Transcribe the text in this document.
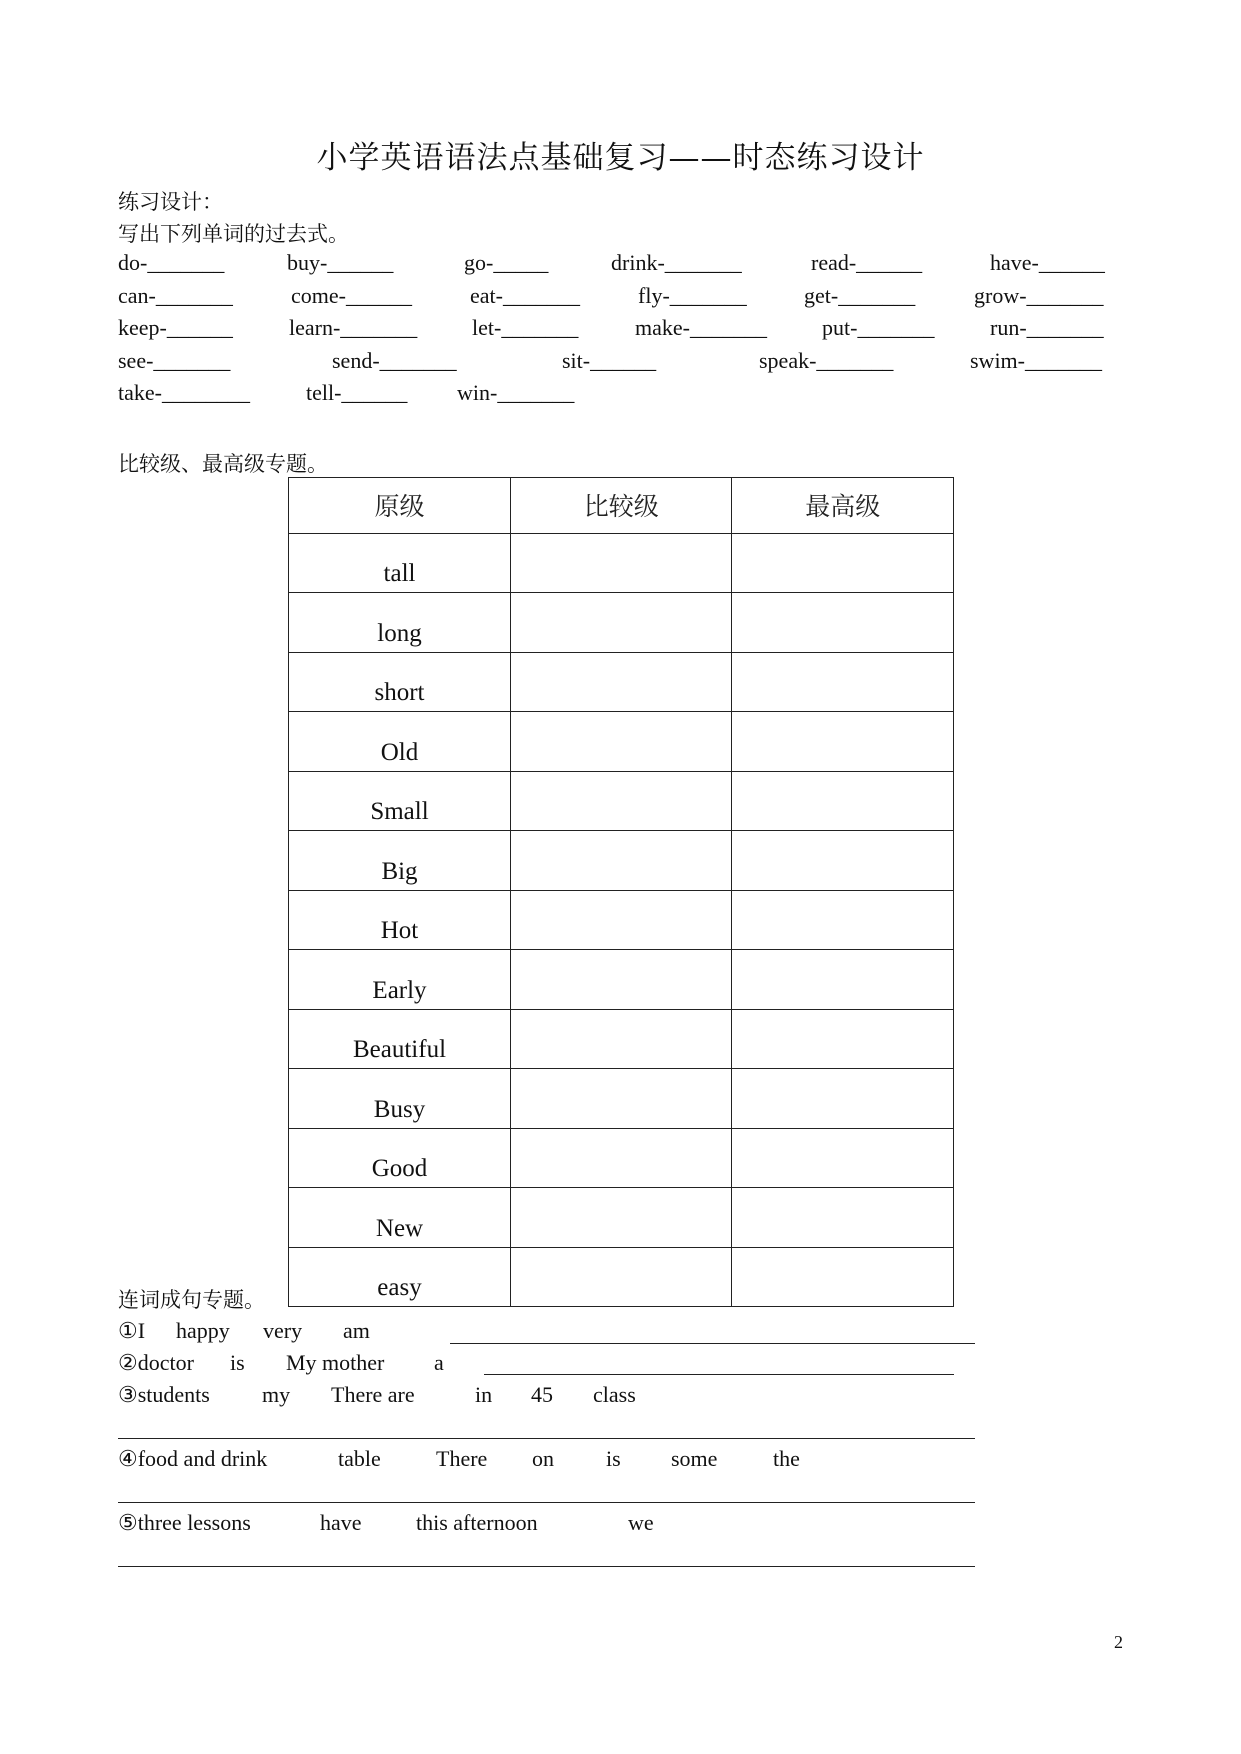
小学英语语法点基础复习——时态练习设计
练习设计：
写出下列单词的过去式。
do-_______	buy-______	go-_____	drink-_______	read-______	have-______
can-_______	come-______	eat-_______	fly-_______	get-_______	grow-_______
keep-______	learn-_______ let-_______	make-_______	put-_______	run-_______
see-_______	send-_______	sit-______	speak-_______	swim-_______
take-________	tell-______ win-_______
比较级、最高级专题。
原级	比较级	最高级
tall		
long		
short		
Old		
Small		
Big		
Hot		
Early		
Beautiful		
Busy		
Good		
New		
easy		
连词成句专题。
①I happy very am
②doctor is My mother a
③students my There are	in 45 class
④food and drink	table	There on is some	the
⑤three lessons	have this afternoon	we
2
